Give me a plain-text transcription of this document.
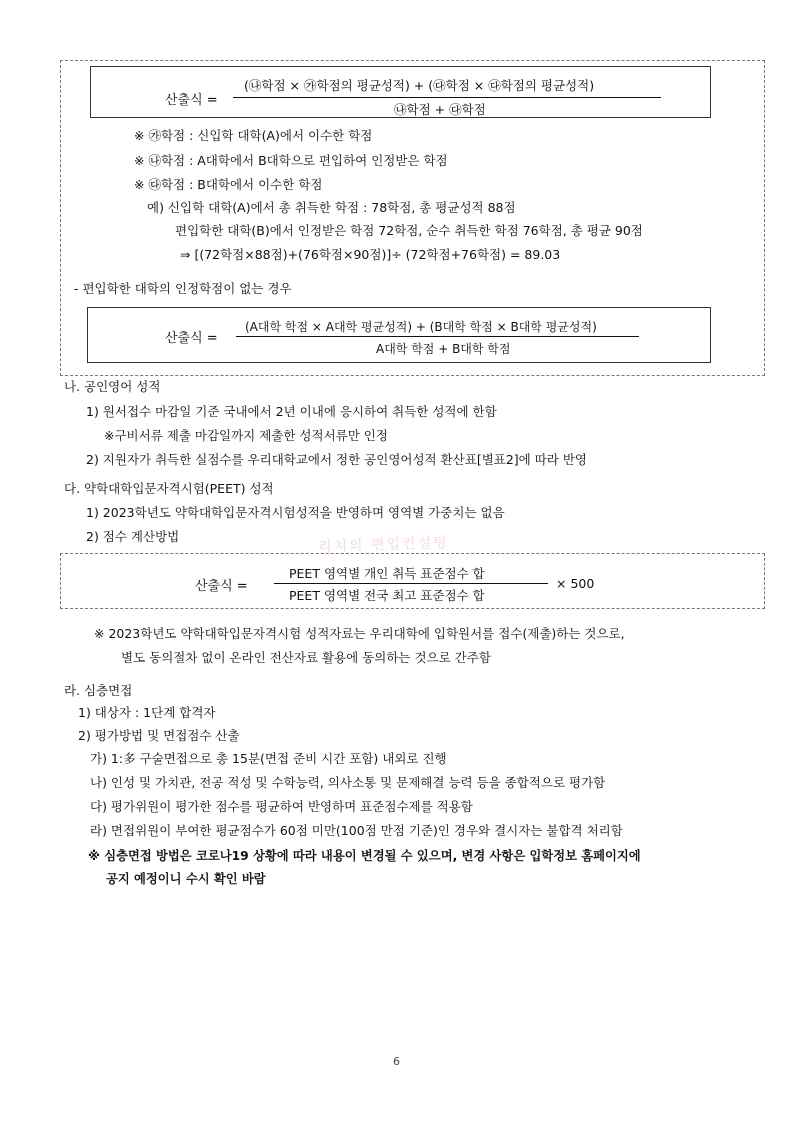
산출식 =
(㉯학점 × ㉮학점의 평균성적) + (㉰학점 × ㉰학점의 평균성적)
㉯학점 + ㉰학점
※ ㉮학점 : 신입학 대학(A)에서 이수한 학점
※ ㉯학점 : A대학에서 B대학으로 편입하여 인정받은 학점
※ ㉰학점 : B대학에서 이수한 학점
예) 신입학 대학(A)에서 총 취득한 학점 : 78학점, 총 평균성적 88점
편입학한 대학(B)에서 인정받은 학점 72학점, 순수 취득한 학점 76학점, 총 평균 90점
⇒ [(72학점×88점)+(76학점×90점)]÷ (72학점+76학점) = 89.03
- 편입학한 대학의 인정학점이 없는 경우
산출식 =
(A대학 학점 × A대학 평균성적) + (B대학 학점 × B대학 평균성적)
A대학 학점 + B대학 학점
나. 공인영어 성적
1) 원서접수 마감일 기준 국내에서 2년 이내에 응시하여 취득한 성적에 한함
※구비서류 제출 마감일까지 제출한 성적서류만 인정
2) 지원자가 취득한 실점수를 우리대학교에서 정한 공인영어성적 환산표[별표2]에 따라 반영
다. 약학대학입문자격시험(PEET) 성적
1) 2023학년도 약학대학입문자격시험성적을 반영하며 영역별 가중치는 없음
2) 점수 계산방법	리치의 편입컨설팅
산출식 =
PEET 영역별 개인 취득 표준점수 합
PEET 영역별 전국 최고 표준점수 합
× 500
※ 2023학년도 약학대학입문자격시험 성적자료는 우리대학에 입학원서를 접수(제출)하는 것으로,
별도 동의절차 없이 온라인 전산자료 활용에 동의하는 것으로 간주함
라. 심층면접
1) 대상자 : 1단계 합격자
2) 평가방법 및 면접점수 산출
가) 1:多 구술면접으로 총 15분(면접 준비 시간 포함) 내외로 진행
나) 인성 및 가치관, 전공 적성 및 수학능력, 의사소통 및 문제해결 능력 등을 종합적으로 평가함
다) 평가위원이 평가한 점수를 평균하여 반영하며 표준점수제를 적용함
라) 면접위원이 부여한 평균점수가 60점 미만(100점 만점 기준)인 경우와 결시자는 불합격 처리함
※ 심층면접 방법은 코로나19 상황에 따라 내용이 변경될 수 있으며, 변경 사항은 입학정보 홈페이지에
공지 예정이니 수시 확인 바람
6
